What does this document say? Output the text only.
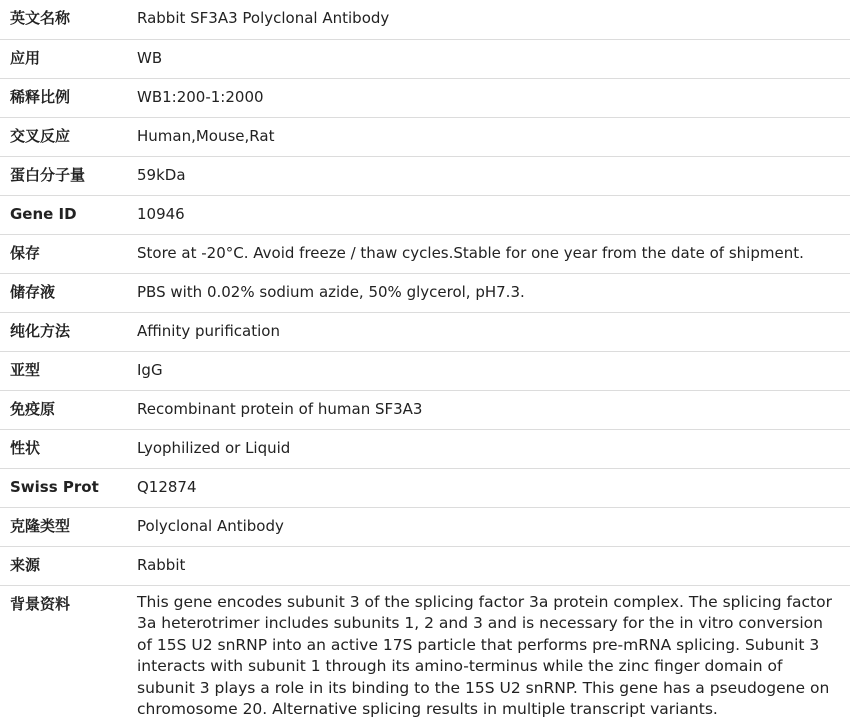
英文名称	Rabbit SF3A3 Polyclonal Antibody
应用	WB
稀释比例	WB1:200-1:2000
交叉反应	Human,Mouse,Rat
蛋白分子量	59kDa
Gene ID	10946
保存	Store at -20°C. Avoid freeze / thaw cycles.Stable for one year from the date of shipment.
储存液	PBS with 0.02% sodium azide, 50% glycerol, pH7.3.
纯化方法	Affinity purification
亚型	IgG
免疫原	Recombinant protein of human SF3A3
性状	Lyophilized or Liquid
Swiss Prot	Q12874
克隆类型	Polyclonal Antibody
来源	Rabbit
背景资料	This gene encodes subunit 3 of the splicing factor 3a protein complex. The splicing factor 3a heterotrimer includes subunits 1, 2 and 3 and is necessary for the in vitro conversion of 15S U2 snRNP into an active 17S particle that performs pre-mRNA splicing. Subunit 3 interacts with subunit 1 through its amino-terminus while the zinc finger domain of subunit 3 plays a role in its binding to the 15S U2 snRNP. This gene has a pseudogene on chromosome 20. Alternative splicing results in multiple transcript variants.
